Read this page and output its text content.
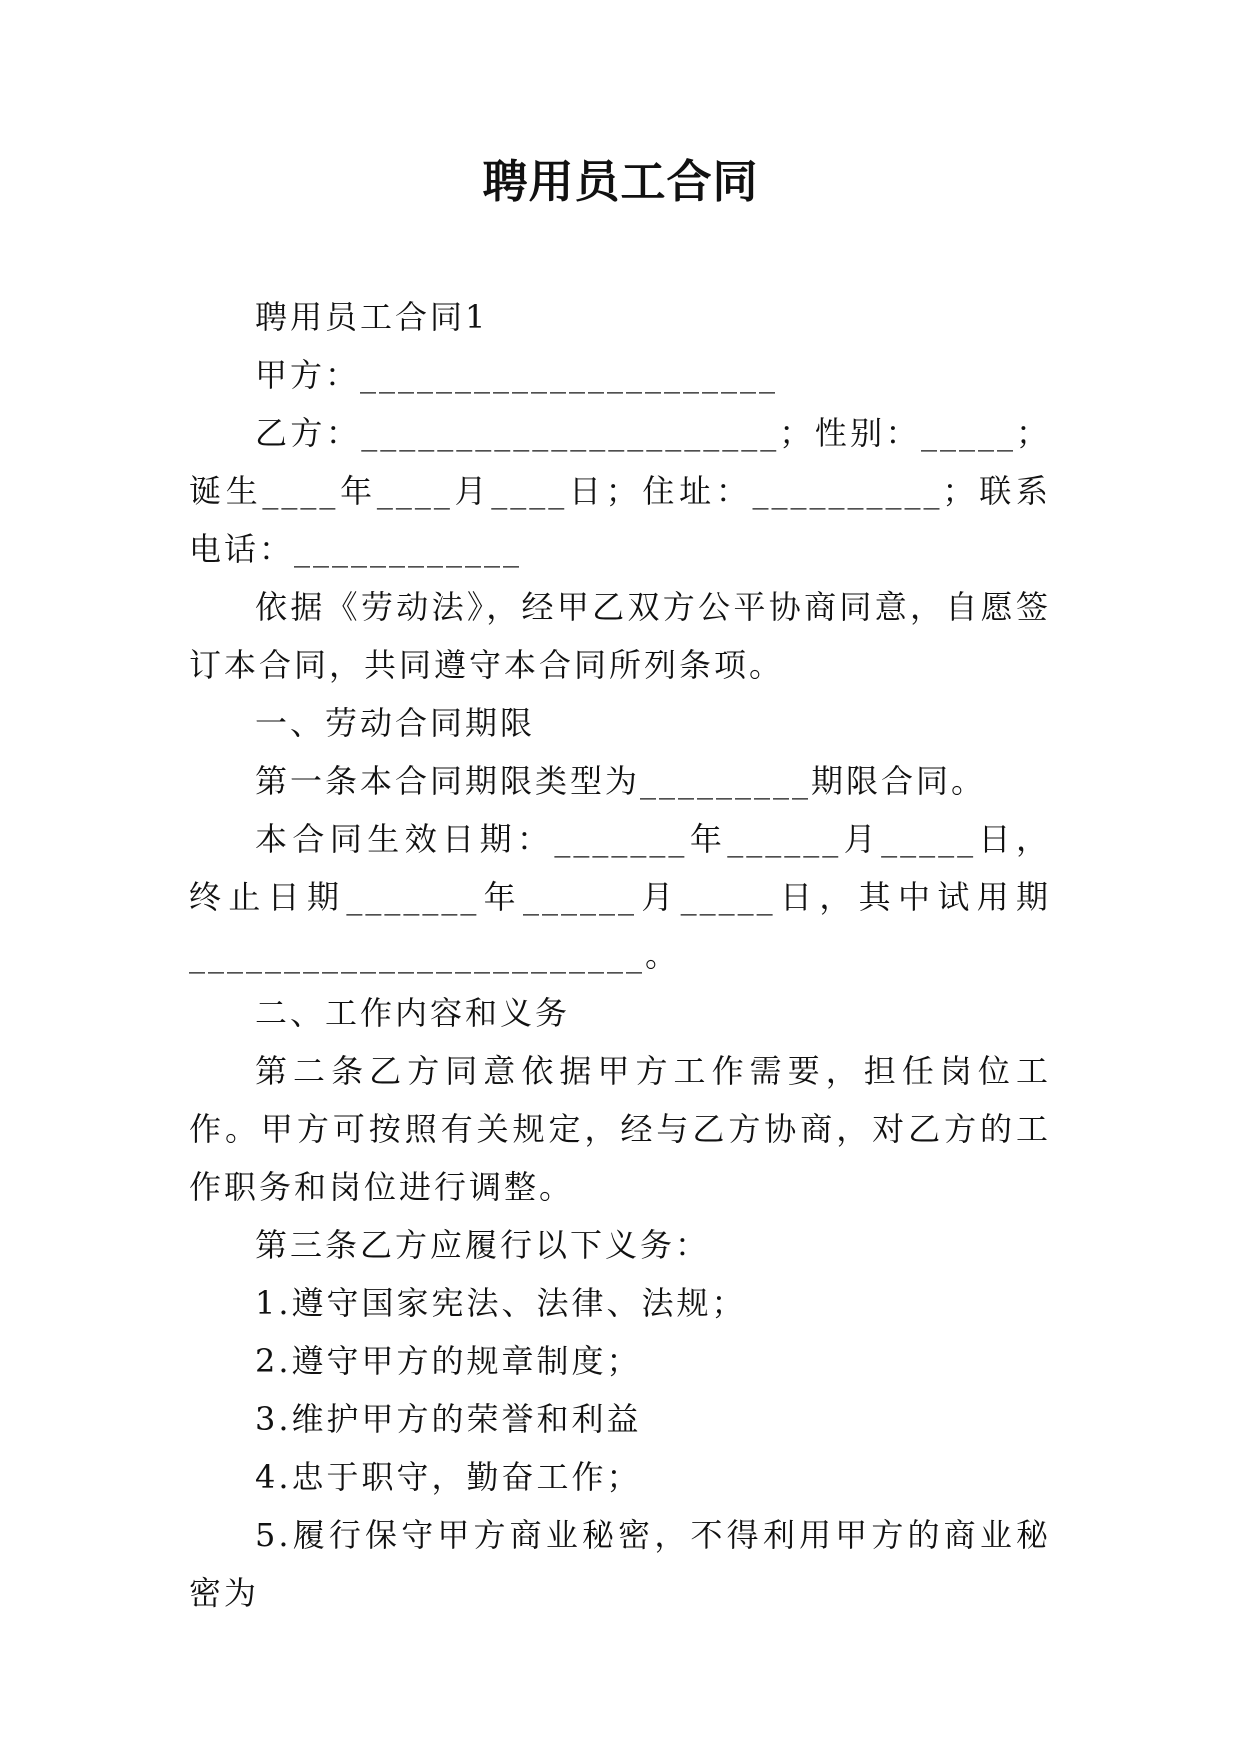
聘用员工合同

聘用员工合同1

甲方：______________________

乙方：______________________；性别：_____；诞生____年____月____日；住址：__________；联系电话：____________

依据《劳动法》，经甲乙双方公平协商同意，自愿签订本合同，共同遵守本合同所列条项。

一、劳动合同期限

第一条本合同期限类型为_________期限合同。

本合同生效日期：_______年______月_____日，终止日期_______年______月_____日，其中试用期________________________。

二、工作内容和义务

第二条乙方同意依据甲方工作需要，担任岗位工作。甲方可按照有关规定，经与乙方协商，对乙方的工作职务和岗位进行调整。

第三条乙方应履行以下义务：

1.遵守国家宪法、法律、法规；

2.遵守甲方的规章制度；

3.维护甲方的荣誉和利益

4.忠于职守，勤奋工作；

5.履行保守甲方商业秘密，不得利用甲方的商业秘密为
